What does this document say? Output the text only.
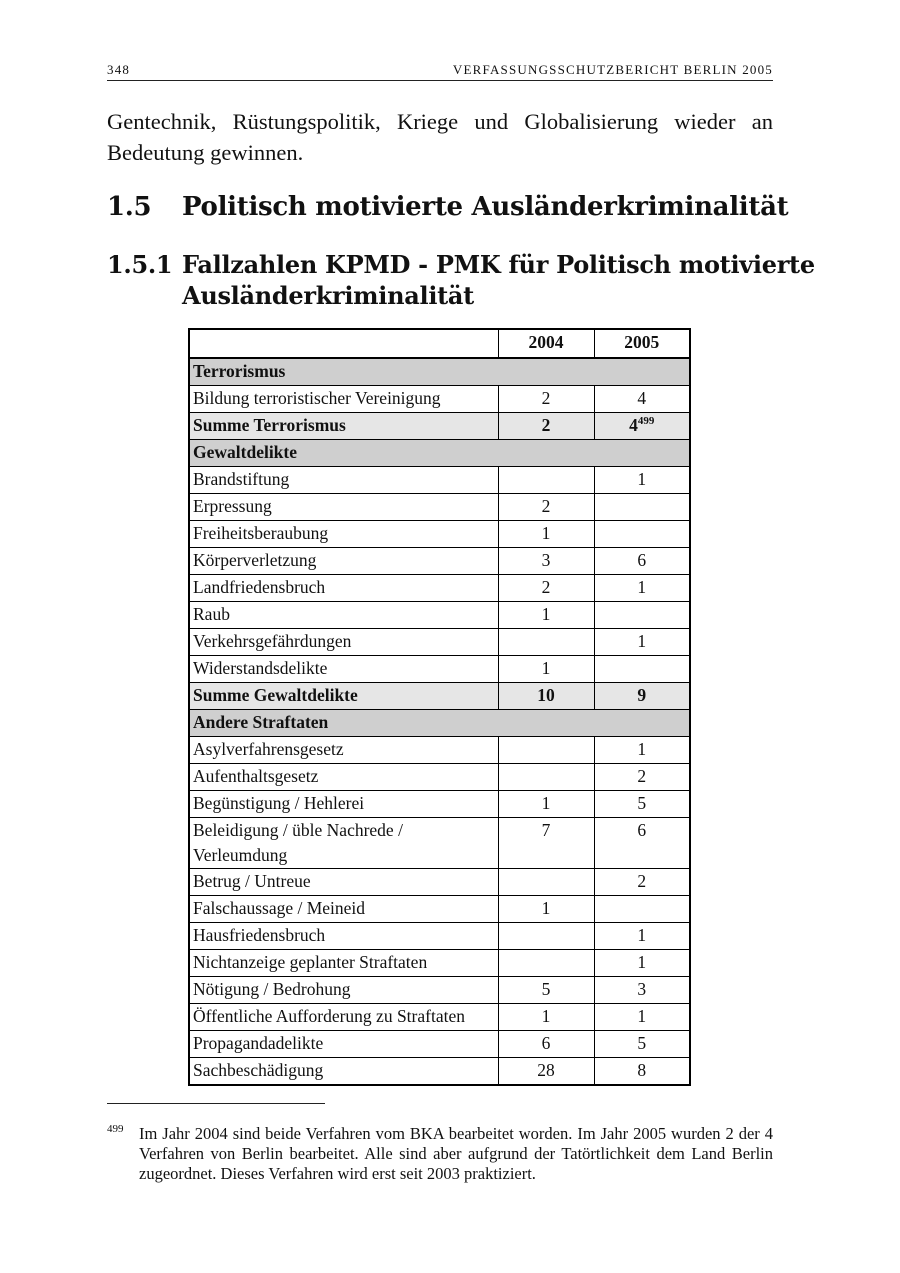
348	VERFASSUNGSSCHUTZBERICHT BERLIN 2005

Gentechnik, Rüstungspolitik, Kriege und Globalisierung wieder an Bedeutung gewinnen.

1.5 Politisch motivierte Ausländerkriminalität
1.5.1 Fallzahlen KPMD - PMK für Politisch motivierte
Ausländerkriminalität
	2004	2005
Terrorismus		
Bildung terroristischer Vereinigung	2	4
Summe Terrorismus	2	4$^{499}$
Gewaltdelikte		
Brandstiftung		1
Erpressung	2	
Freiheitsberaubung	1	
Körperverletzung	3	6
Landfriedensbruch	2	1
Raub	1	
Verkehrsgefährdungen		1
Widerstandsdelikte	1	
Summe Gewaltdelikte	10	9
Andere Straftaten		
Asylverfahrensgesetz		1
Aufenthaltsgesetz		2
Begünstigung / Hehlerei	1	5

Beleidigung / üble Nachrede /
Verleumdung	7	6
Betrug / Untreue		2
Falschaussage / Meineid	1	
Hausfriedensbruch		1
Nichtanzeige geplanter Straftaten		1
Nötigung / Bedrohung	5	3
Öffentliche Aufforderung zu Straftaten	1	1
Propagandadelikte	6	5
Sachbeschädigung	28	8
499 Im Jahr 2004 sind beide Verfahren vom BKA bearbeitet worden. Im Jahr 2005 wurden 2 der 4 Verfahren von Berlin bearbeitet. Alle sind aber aufgrund der Tatörtlichkeit dem Land Berlin zugeordnet. Dieses Verfahren wird erst seit 2003 praktiziert.
